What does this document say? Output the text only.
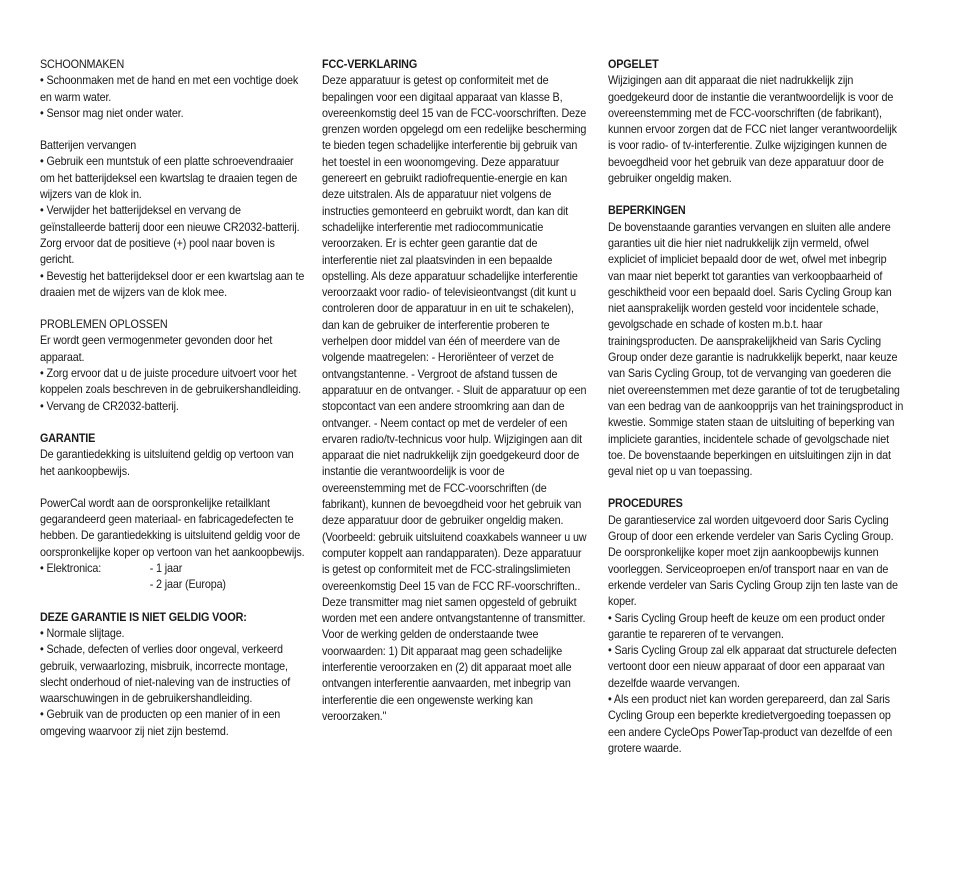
SCHOONMAKEN
• Schoonmaken met de hand en met een vochtige doek en warm water.
• Sensor mag niet onder water.
Batterijen vervangen
• Gebruik een muntstuk of een platte schroevendraaier om het batterijdeksel een kwartslag te draaien tegen de wijzers van de klok in.
• Verwijder het batterijdeksel en vervang de geïnstalleerde batterij door een nieuwe CR2032-batterij. Zorg ervoor dat de positieve (+) pool naar boven is gericht.
• Bevestig het batterijdeksel door er een kwartslag aan te draaien met de wijzers van de klok mee.
PROBLEMEN OPLOSSEN
Er wordt geen vermogenmeter gevonden door het apparaat.
• Zorg ervoor dat u de juiste procedure uitvoert voor het koppelen zoals beschreven in de gebruikershandleiding.
• Vervang de CR2032-batterij.
GARANTIE
De garantiedekking is uitsluitend geldig op vertoon van het aankoopbewijs.
PowerCal wordt aan de oorspronkelijke retailklant gegarandeerd geen materiaal- en fabricagedefecten te hebben. De garantiedekking is uitsluitend geldig voor de oorspronkelijke koper op vertoon van het aankoopbewijs.
• Elektronica:	- 1 jaar
- 2 jaar (Europa)
DEZE GARANTIE IS NIET GELDIG VOOR:
• Normale slijtage.
• Schade, defecten of verlies door ongeval, verkeerd gebruik, verwaarlozing, misbruik, incorrecte montage, slecht onderhoud of niet-naleving van de instructies of waarschuwingen in de gebruikershandleiding.
• Gebruik van de producten op een manier of in een omgeving waarvoor zij niet zijn bestemd.
FCC-VERKLARING
Deze apparatuur is getest op conformiteit met de bepalingen voor een digitaal apparaat van klasse B, overeenkomstig deel 15 van de FCC-voorschriften. Deze grenzen worden opgelegd om een redelijke bescherming te bieden tegen schadelijke interferentie bij gebruik van het toestel in een woonomgeving. Deze apparatuur genereert en gebruikt radiofrequentie-energie en kan deze uitstralen. Als de apparatuur niet volgens de instructies gemonteerd en gebruikt wordt, dan kan dit schadelijke interferentie met radiocommunicatie veroorzaken. Er is echter geen garantie dat de interferentie niet zal plaatsvinden in een bepaalde opstelling. Als deze apparatuur schadelijke interferentie veroorzaakt voor radio- of televisieontvangst (dit kunt u controleren door de apparatuur in en uit te schakelen), dan kan de gebruiker de interferentie proberen te verhelpen door middel van één of meerdere van de volgende maatregelen: - Heroriënteer of verzet de ontvangstantenne. - Vergroot de afstand tussen de apparatuur en de ontvanger. - Sluit de apparatuur op een stopcontact van een andere stroomkring aan dan de ontvanger. - Neem contact op met de verdeler of een ervaren radio/tv-technicus voor hulp. Wijzigingen aan dit apparaat die niet nadrukkelijk zijn goedgekeurd door de instantie die verantwoordelijk is voor de overeenstemming met de FCC-voorschriften (de fabrikant), kunnen de bevoegdheid voor het gebruik van deze apparatuur door de gebruiker ongeldig maken. (Voorbeeld: gebruik uitsluitend coaxkabels wanneer u uw computer koppelt aan randapparaten). Deze apparatuur is getest op conformiteit met de FCC-stralingslimieten overeenkomstig Deel 15 van de FCC RF-voorschriften.. Deze transmitter mag niet samen opgesteld of gebruikt worden met een andere ontvangstantenne of transmitter. Voor de werking gelden de onderstaande twee voorwaarden: 1) Dit apparaat mag geen schadelijke interferentie veroorzaken en (2) dit apparaat moet alle ontvangen interferentie aanvaarden, met inbegrip van interferentie die een ongewenste werking kan veroorzaken."
OPGELET
Wijzigingen aan dit apparaat die niet nadrukkelijk zijn goedgekeurd door de instantie die verantwoordelijk is voor de overeenstemming met de FCC-voorschriften (de fabrikant), kunnen ervoor zorgen dat de FCC niet langer verantwoordelijk is voor radio- of tv-interferentie. Zulke wijzigingen kunnen de bevoegdheid voor het gebruik van deze apparatuur door de gebruiker ongeldig maken.
BEPERKINGEN
De bovenstaande garanties vervangen en sluiten alle andere garanties uit die hier niet nadrukkelijk zijn vermeld, ofwel expliciet of impliciet bepaald door de wet, ofwel met inbegrip van maar niet beperkt tot garanties van verkoopbaarheid of geschiktheid voor een bepaald doel. Saris Cycling Group kan niet aansprakelijk worden gesteld voor incidentele schade, gevolgschade en schade of kosten m.b.t. haar trainingsproducten. De aansprakelijkheid van Saris Cycling Group onder deze garantie is nadrukkelijk beperkt, naar keuze van Saris Cycling Group, tot de vervanging van goederen die niet overeenstemmen met deze garantie of tot de terugbetaling van een bedrag van de aankoopprijs van het trainingsproduct in kwestie. Sommige staten staan de uitsluiting of beperking van impliciete garanties, incidentele schade of gevolgschade niet toe. De bovenstaande beperkingen en uitsluitingen zijn in dat geval niet op u van toepassing.
PROCEDURES
De garantieservice zal worden uitgevoerd door Saris Cycling Group of door een erkende verdeler van Saris Cycling Group. De oorspronkelijke koper moet zijn aankoopbewijs kunnen voorleggen. Serviceoproepen en/of transport naar en van de erkende verdeler van Saris Cycling Group zijn ten laste van de koper.
• Saris Cycling Group heeft de keuze om een product onder garantie te repareren of te vervangen.
• Saris Cycling Group zal elk apparaat dat structurele defecten vertoont door een nieuw apparaat of door een apparaat van dezelfde waarde vervangen.
• Als een product niet kan worden gerepareerd, dan zal Saris Cycling Group een beperkte kredietvergoeding toepassen op een andere CycleOps PowerTap-product van dezelfde of een grotere waarde.
